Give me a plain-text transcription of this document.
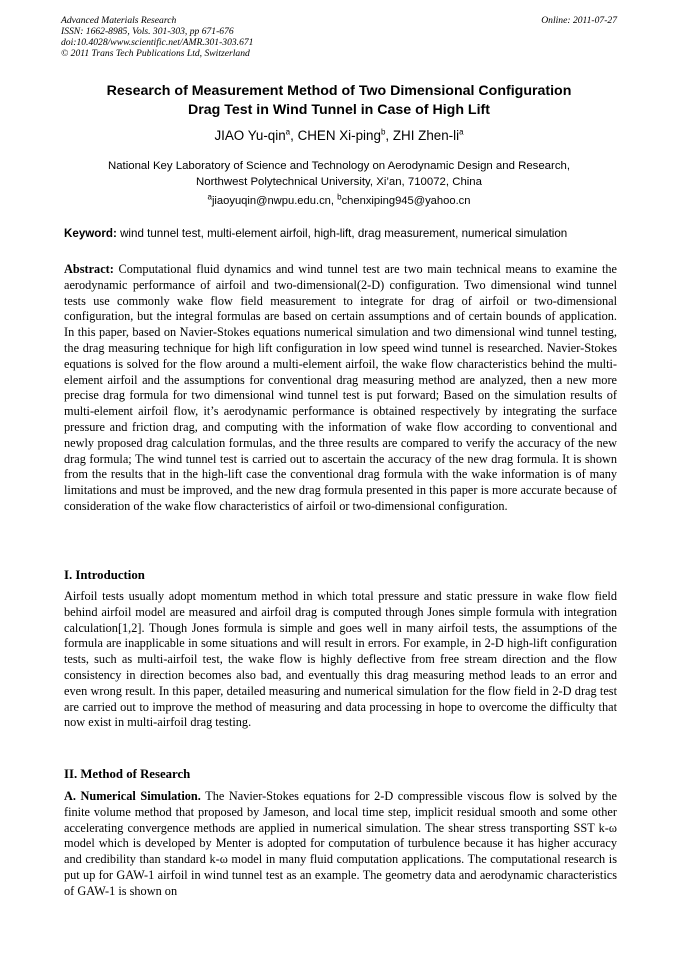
Advanced Materials Research
ISSN: 1662-8985, Vols. 301-303, pp 671-676
doi:10.4028/www.scientific.net/AMR.301-303.671
© 2011 Trans Tech Publications Ltd, Switzerland
Online: 2011-07-27
Research of Measurement Method of Two Dimensional Configuration
Drag Test in Wind Tunnel in Case of High Lift
JIAO Yu-qin$^a$, CHEN Xi-ping$^b$, ZHI Zhen-$li^a$
National Key Laboratory of Science and Technology on Aerodynamic Design and Research,
Northwest Polytechnical University, Xi’an, 710072, China
$^a$jiaoyuqin@nwpu.edu.cn, $^b$chenxiping945@yahoo.cn
Keyword: wind tunnel test, multi-element airfoil, high-lift, drag measurement, numerical simulation
Abstract: Computational fluid dynamics and wind tunnel test are two main technical means to examine the aerodynamic performance of airfoil and two-dimensional(2-D) configuration. Two dimensional wind tunnel tests use commonly wake flow field measurement to integrate for drag of airfoil or two-dimensional configuration, but the integral formulas are based on certain assumptions and of certain bounds of application. In this paper, based on Navier-Stokes equations numerical simulation and two dimensional wind tunnel testing, the drag measuring technique for high lift configuration in low speed wind tunnel is researched. Navier-Stokes equations is solved for the flow around a multi-element airfoil, the wake flow characteristics behind the multi-element airfoil and the assumptions for conventional drag measuring method are analyzed, then a new more precise drag formula for two dimensional wind tunnel test is put forward; Based on the simulation results of multi-element airfoil flow, it’s aerodynamic performance is obtained respectively by integrating the surface pressure and friction drag, and computing with the information of wake flow according to conventional and newly proposed drag calculation formulas, and the three results are compared to verify the accuracy of the new drag formula; The wind tunnel test is carried out to ascertain the accuracy of the new drag formula. It is shown from the results that in the high-lift case the conventional drag formula with the wake information is of many limitations and must be improved, and the new drag formula presented in this paper is more accurate because of consideration of the wake flow characteristics of airfoil or two-dimensional configuration.
I. Introduction
Airfoil tests usually adopt momentum method in which total pressure and static pressure in wake flow field behind airfoil model are measured and airfoil drag is computed through Jones simple formula with integration calculation[1,2]. Though Jones formula is simple and goes well in many airfoil tests, the assumptions of the formula are inapplicable in some situations and will result in errors. For example, in 2-D high-lift configuration tests, such as multi-airfoil test, the wake flow is highly deflective from free stream direction and the flow consistency in direction becomes also bad, and eventually this drag measuring method leads to an error and even wrong result. In this paper, detailed measuring and numerical simulation for the flow field in 2-D drag test are carried out to improve the method of measuring and data processing in hope to overcome the difficulty that now exist in multi-airfoil drag testing.
II. Method of Research
A. Numerical Simulation. The Navier-Stokes equations for 2-D compressible viscous flow is solved by the finite volume method that proposed by Jameson, and local time step, implicit residual smooth and some other accelerating convergence methods are applied in numerical simulation. The shear stress transporting SST k-ω model which is developed by Menter is adopted for computation of turbulence because it has higher accuracy and credibility than standard k-ω model in many fluid computation applications. The computational research is put up for GAW-1 airfoil in wind tunnel test as an example. The geometry data and aerodynamic characteristics of GAW-1 is shown on
